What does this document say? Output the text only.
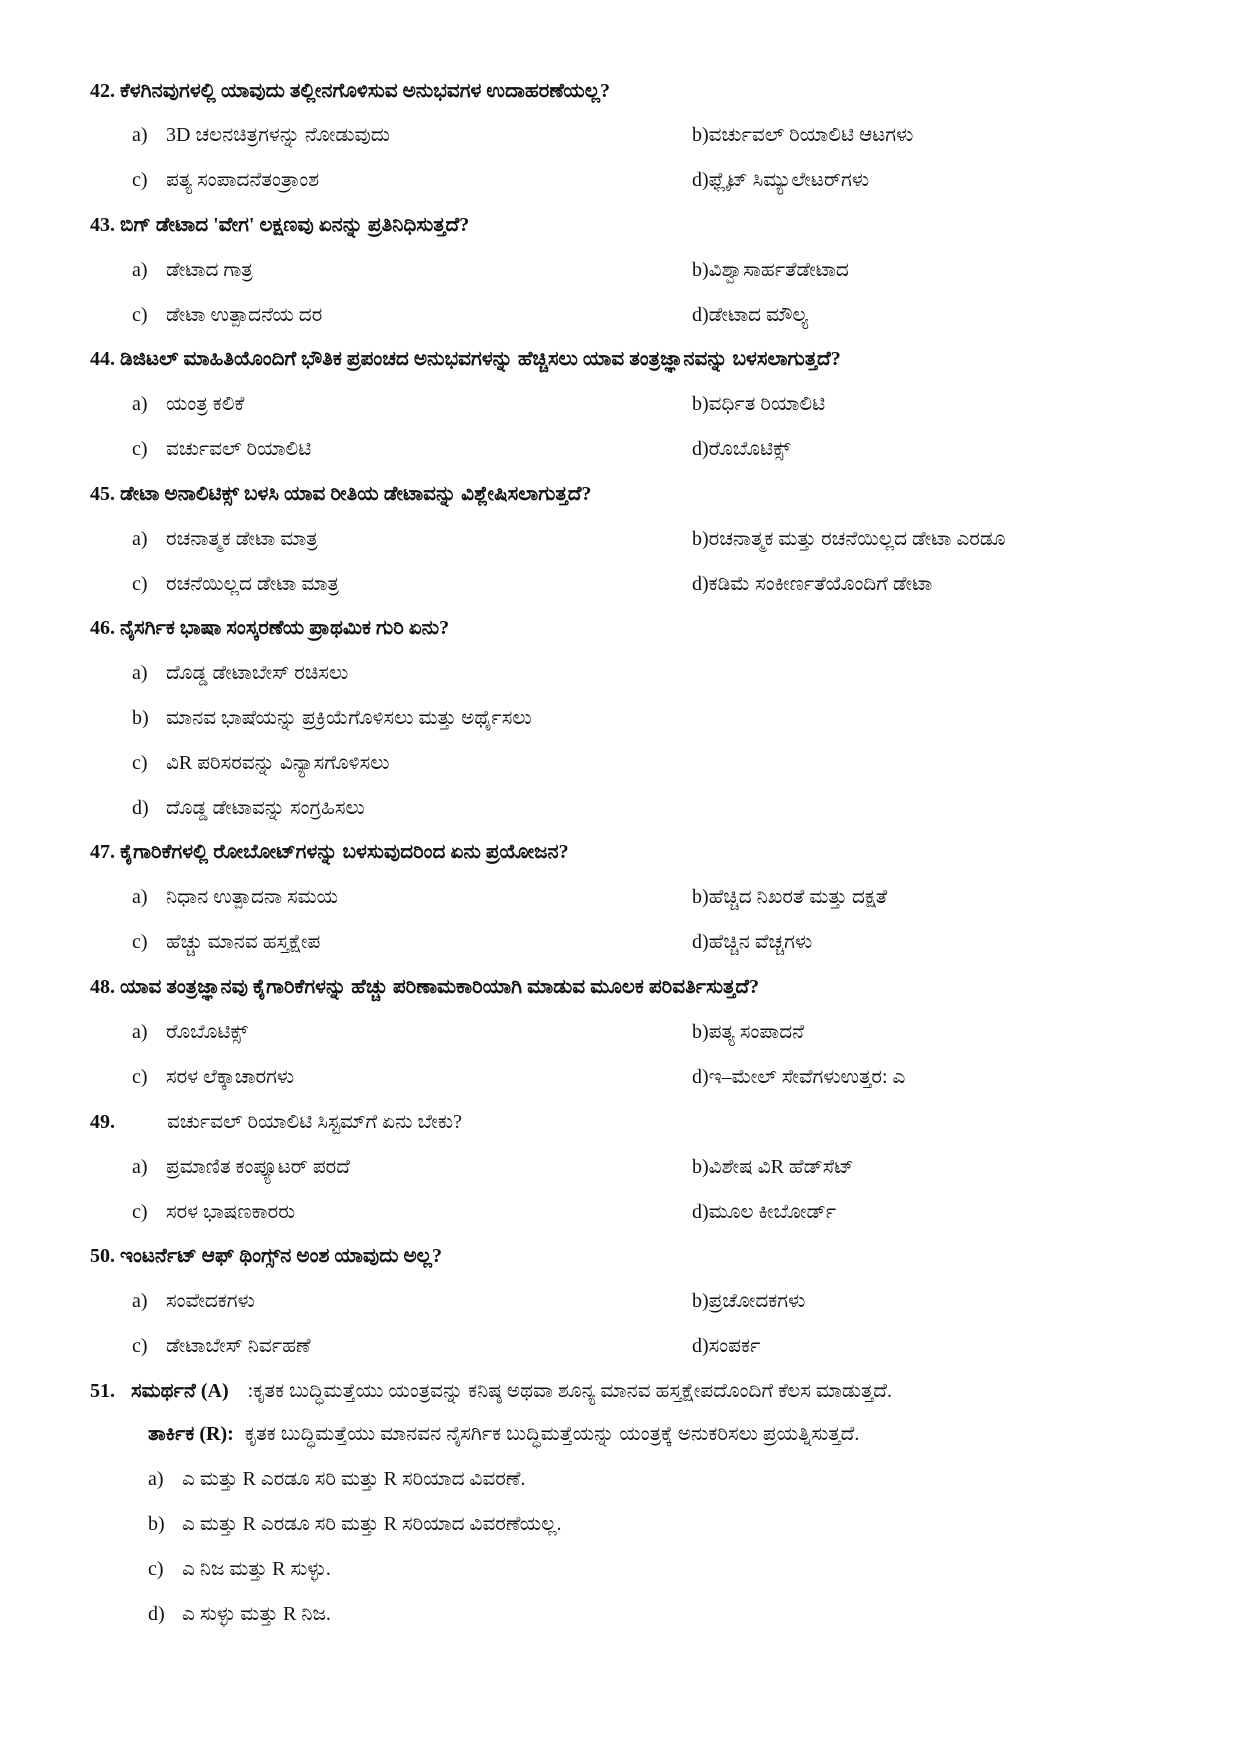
42. ಕೆಳಗಿನವುಗಳಲ್ಲಿ ಯಾವುದು ತಲ್ಲೀನಗೊಳಿಸುವ ಅನುಭವಗಳ ಉದಾಹರಣೆಯಲ್ಲ?
a) 3D ಚಲನಚಿತ್ರಗಳನ್ನು ನೋಡುವುದು	b)ವರ್ಚುವಲ್ ರಿಯಾಲಿಟಿ ಆಟಗಳು
c) ಪತ್ಯ ಸಂಪಾದನೆತಂತ್ರಾಂಶ	d)ಫ್ಲೈಟ್ ಸಿಮ್ಯುಲೇಟರ್‌ಗಳು
43. ಬಿಗ್ ಡೇಟಾದ 'ವೇಗ' ಲಕ್ಷಣವು ಏನನ್ನು ಪ್ರತಿನಿಧಿಸುತ್ತದೆ?
a) ಡೇಟಾದ ಗಾತ್ರ	b)ವಿಶ್ವಾಸಾರ್ಹತೆಡೇಟಾದ
c) ಡೇಟಾ ಉತ್ಪಾದನೆಯ ದರ	d)ಡೇಟಾದ ಮೌಲ್ಯ
44. ಡಿಜಿಟಲ್ ಮಾಹಿತಿಯೊಂದಿಗೆ ಭೌತಿಕ ಪ್ರಪಂಚದ ಅನುಭವಗಳನ್ನು ಹೆಚ್ಚಿಸಲು ಯಾವ ತಂತ್ರಜ್ಞಾನವನ್ನು ಬಳಸಲಾಗುತ್ತದೆ?
a) ಯಂತ್ರ ಕಲಿಕೆ	b)ವರ್ಧಿತ ರಿಯಾಲಿಟಿ
c) ವರ್ಚುವಲ್ ರಿಯಾಲಿಟಿ	d)ರೊಬೊಟಿಕ್ಸ್
45. ಡೇಟಾ ಅನಾಲಿಟಿಕ್ಸ್ ಬಳಸಿ ಯಾವ ರೀತಿಯ ಡೇಟಾವನ್ನು ವಿಶ್ಲೇಷಿಸಲಾಗುತ್ತದೆ?
a) ರಚನಾತ್ಮಕ ಡೇಟಾ ಮಾತ್ರ	b)ರಚನಾತ್ಮಕ ಮತ್ತು ರಚನೆಯಿಲ್ಲದ ಡೇಟಾ ಎರಡೂ
c) ರಚನೆಯಿಲ್ಲದ ಡೇಟಾ ಮಾತ್ರ	d)ಕಡಿಮೆ ಸಂಕೀರ್ಣತೆಯೊಂದಿಗೆ ಡೇಟಾ
46. ನೈಸರ್ಗಿಕ ಭಾಷಾ ಸಂಸ್ಕರಣೆಯ ಪ್ರಾಥಮಿಕ ಗುರಿ ಏನು?
a) ದೊಡ್ಡ ಡೇಟಾಬೇಸ್ ರಚಿಸಲು
b) ಮಾನವ ಭಾಷೆಯನ್ನು ಪ್ರಕ್ರಿಯೆಗೊಳಿಸಲು ಮತ್ತು ಅರ್ಥೈಸಲು
c) ವಿR ಪರಿಸರವನ್ನು ವಿನ್ಯಾಸಗೊಳಿಸಲು
d) ದೊಡ್ಡ ಡೇಟಾವನ್ನು ಸಂಗ್ರಹಿಸಲು
47. ಕೈಗಾರಿಕೆಗಳಲ್ಲಿ ರೋಬೋಟ್‌ಗಳನ್ನು ಬಳಸುವುದರಿಂದ ಏನು ಪ್ರಯೋಜನ?
a) ನಿಧಾನ ಉತ್ಪಾದನಾ ಸಮಯ	b)ಹೆಚ್ಚಿದ ನಿಖರತೆ ಮತ್ತು ದಕ್ಷತೆ
c) ಹೆಚ್ಚು ಮಾನವ ಹಸ್ತಕ್ಷೇಪ	d)ಹೆಚ್ಚಿನ ವೆಚ್ಚಗಳು
48. ಯಾವ ತಂತ್ರಜ್ಞಾನವು ಕೈಗಾರಿಕೆಗಳನ್ನು ಹೆಚ್ಚು ಪರಿಣಾಮಕಾರಿಯಾಗಿ ಮಾಡುವ ಮೂಲಕ ಪರಿವರ್ತಿಸುತ್ತದೆ?
a) ರೊಬೊಟಿಕ್ಸ್	b)ಪತ್ಯ ಸಂಪಾದನೆ
c) ಸರಳ ಲೆಕ್ಕಾಚಾರಗಳು	d)ಇ–ಮೇಲ್ ಸೇವೆಗಳುಉತ್ತರ: ಎ
49.	ವರ್ಚುವಲ್ ರಿಯಾಲಿಟಿ ಸಿಸ್ಟಮ್‌ಗೆ ಏನು ಬೇಕು?
a) ಪ್ರಮಾಣಿತ ಕಂಪ್ಯೂಟರ್ ಪರದೆ	b)ವಿಶೇಷ ವಿR ಹೆಡ್‌ಸೆಟ್
c) ಸರಳ ಭಾಷಣಕಾರರು	d)ಮೂಲ ಕೀಬೋರ್ಡ್
50. ಇಂಟರ್ನೆಟ್ ಆಫ್ ಥಿಂಗ್ಸ್‌ನ ಅಂಶ ಯಾವುದು ಅಲ್ಲ?
a) ಸಂವೇದಕಗಳು	b)ಪ್ರಚೋದಕಗಳು
c) ಡೇಟಾಬೇಸ್ ನಿರ್ವಹಣೆ	d)ಸಂಪರ್ಕ
51. ಸಮರ್ಥನೆ (A) :ಕೃತಕ ಬುದ್ಧಿಮತ್ತೆಯು ಯಂತ್ರವನ್ನು ಕನಿಷ್ಠ ಅಥವಾ ಶೂನ್ಯ ಮಾನವ ಹಸ್ತಕ್ಷೇಪದೊಂದಿಗೆ ಕೆಲಸ ಮಾಡುತ್ತದೆ.
ತಾರ್ಕಿಕ (R): ಕೃತಕ ಬುದ್ಧಿಮತ್ತೆಯು ಮಾನವನ ನೈಸರ್ಗಿಕ ಬುದ್ಧಿಮತ್ತೆಯನ್ನು ಯಂತ್ರಕ್ಕೆ ಅನುಕರಿಸಲು ಪ್ರಯತ್ನಿಸುತ್ತದೆ.
a) ಎ ಮತ್ತು R ಎರಡೂ ಸರಿ ಮತ್ತು R ಸರಿಯಾದ ವಿವರಣೆ.
b) ಎ ಮತ್ತು R ಎರಡೂ ಸರಿ ಮತ್ತು R ಸರಿಯಾದ ವಿವರಣೆಯಲ್ಲ.
c) ಎ ನಿಜ ಮತ್ತು R ಸುಳ್ಳು.
d) ಎ ಸುಳ್ಳು ಮತ್ತು R ನಿಜ.
